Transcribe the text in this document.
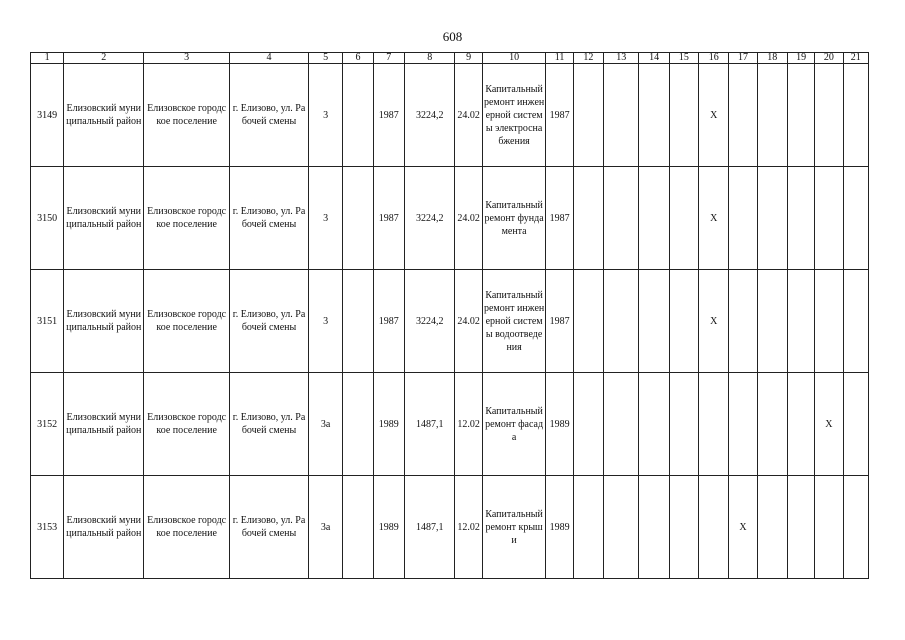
608
1	2	3	4	5	6	7	8	9	10	11	12	13	14	15	16	17	18	19	20	21
3149	Елизовский муниципальный район	Елизовское городское поселение	г. Елизово, ул. Рабочей смены	3		1987	3224,2	24.02	Капитальный ремонт инженерной системы электроснабжения	1987					X					
3150	Елизовский муниципальный район	Елизовское городское поселение	г. Елизово, ул. Рабочей смены	3		1987	3224,2	24.02	Капитальный ремонт фундамента	1987					X					
3151	Елизовский муниципальный район	Елизовское городское поселение	г. Елизово, ул. Рабочей смены	3		1987	3224,2	24.02	Капитальный ремонт инженерной системы водоотведения	1987					X					
3152	Елизовский муниципальный район	Елизовское городское поселение	г. Елизово, ул. Рабочей смены	3а		1989	1487,1	12.02	Капитальный ремонт фасада	1989									X	
3153	Елизовский муниципальный район	Елизовское городское поселение	г. Елизово, ул. Рабочей смены	3а		1989	1487,1	12.02	Капитальный ремонт крыши	1989						X				
